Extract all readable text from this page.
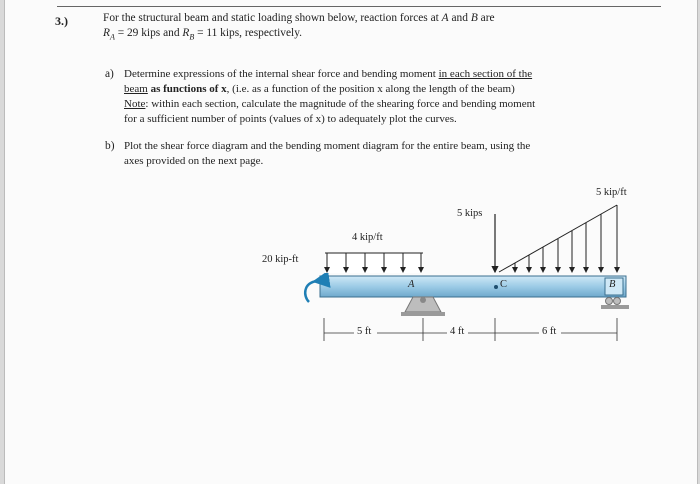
3.)	For the structural beam and static loading shown below, reaction forces at A and B are
$R_A = 29$ kips and $R_B = 11$ kips, respectively.
a) Determine expressions of the internal shear force and bending moment in each section of the
beam as functions of x, (i.e. as a function of the position x along the length of the beam)
Note: within each section, calculate the magnitude of the shearing force and bending moment
for a sufficient number of points (values of x) to adequately plot the curves.
b) Plot the shear force diagram and the bending moment diagram for the entire beam, using the
axes provided on the next page.
20 kip-ft
4 kip/ft
5 kips
5 kip/ft
A	C	B
5 ft	4 ft	6 ft
